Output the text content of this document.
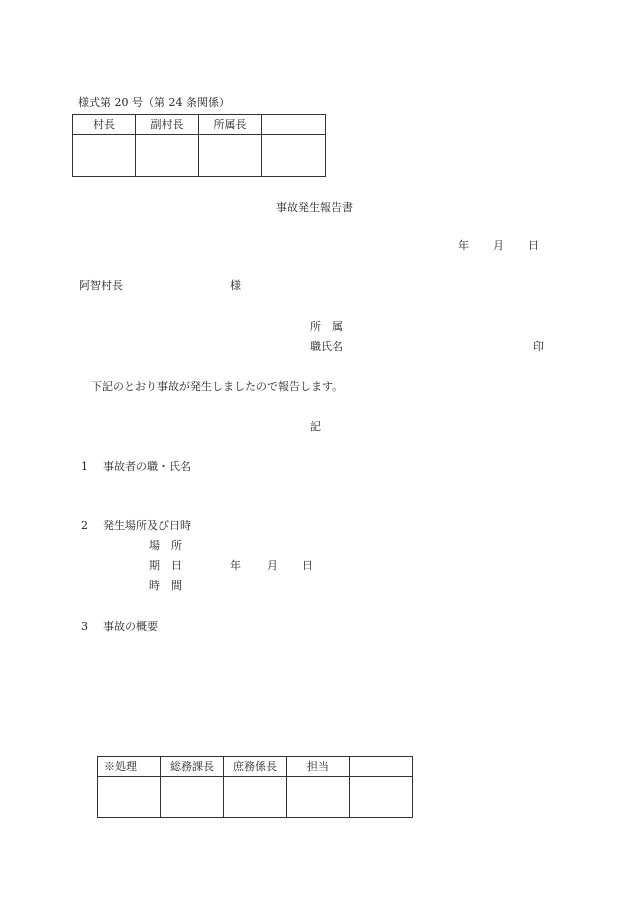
様式第 20 号（第 24 条関係）
村長	副村長	所属長	

事故発生報告書
年 月 日
阿智村長	様
所　属
職氏名	印
下記のとおり事故が発生しましたので報告します。
記
1 事故者の職・氏名
2 発生場所及び日時
場　所
期　日	年 月 日
時　間
3 事故の概要
※処理	総務課長	庶務係長	担当	
